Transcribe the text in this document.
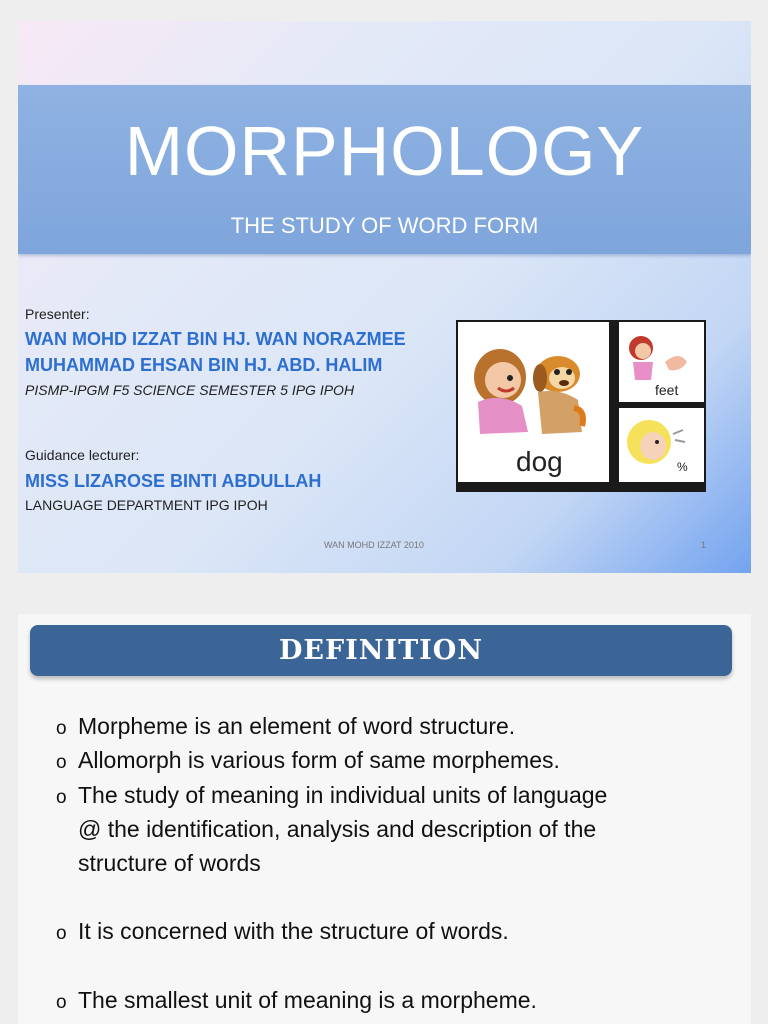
MORPHOLOGY
THE STUDY OF WORD FORM
Presenter:
WAN MOHD IZZAT BIN HJ. WAN NORAZMEE
MUHAMMAD EHSAN BIN HJ. ABD. HALIM
PISMP-IPGM F5 SCIENCE SEMESTER 5 IPG IPOH
Guidance lecturer:
MISS LIZAROSE BINTI ABDULLAH
LANGUAGE DEPARTMENT IPG IPOH
WAN MOHD IZZAT 2010	1
dog
feet
%
DEFINITION
o Morpheme is an element of word structure.
o Allomorph is various form of same morphemes.
o The study of meaning in individual units of language
@ the identification, analysis and description of the
structure of words
o It is concerned with the structure of words.
o The smallest unit of meaning is a morpheme.
